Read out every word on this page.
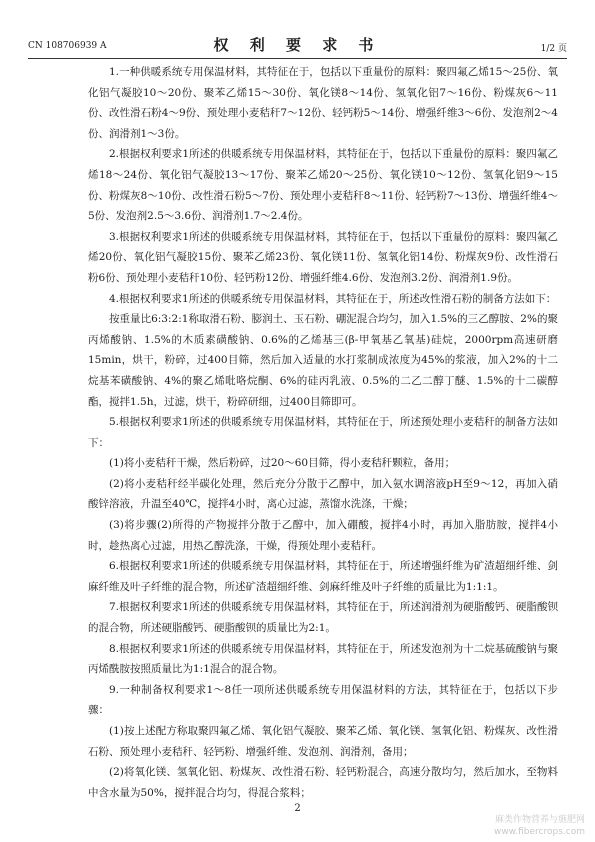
CN 108706939 A	权 利 要 求 书	1/2 页

1.一种供暖系统专用保温材料，其特征在于，包括以下重量份的原料：聚四氟乙烯15～25份、氧化铝气凝胶10～20份、聚苯乙烯15～30份、氧化镁8～14份、氢氧化铝7～16份、粉煤灰6～11份、改性滑石粉4～9份、预处理小麦秸秆7～12份、轻钙粉5～14份、增强纤维3～6份、发泡剂2～4份、润滑剂1～3份。

2.根据权利要求1所述的供暖系统专用保温材料，其特征在于，包括以下重量份的原料：聚四氟乙烯18～24份、氧化铝气凝胶13～17份、聚苯乙烯20～25份、氧化镁10～12份、氢氧化铝9～15份、粉煤灰8～10份、改性滑石粉5～7份、预处理小麦秸秆8～11份、轻钙粉7～13份、增强纤维4～5份、发泡剂2.5～3.6份、润滑剂1.7～2.4份。

3.根据权利要求1所述的供暖系统专用保温材料，其特征在于，包括以下重量份的原料：聚四氟乙烯20份、氧化铝气凝胶15份、聚苯乙烯23份、氧化镁11份、氢氧化铝14份、粉煤灰9份、改性滑石粉6份、预处理小麦秸秆10份、轻钙粉12份、增强纤维4.6份、发泡剂3.2份、润滑剂1.9份。

4.根据权利要求1所述的供暖系统专用保温材料，其特征在于，所述改性滑石粉的制备方法如下：

按重量比6:3:2:1称取滑石粉、膨润土、玉石粉、硼泥混合均匀，加入1.5%的三乙醇胺、2%的聚丙烯酸钠、1.5%的木质素磺酸钠、0.6%的乙烯基三(β-甲氧基乙氧基)硅烷，2000rpm高速研磨15min，烘干，粉碎，过400目筛，然后加入适量的水打浆制成浓度为45%的浆液，加入2%的十二烷基苯磺酸钠、4%的聚乙烯吡咯烷酮、6%的硅丙乳液、0.5%的二乙二醇丁醚、1.5%的十二碳醇酯，搅拌1.5h，过滤，烘干，粉碎研细，过400目筛即可。

5.根据权利要求1所述的供暖系统专用保温材料，其特征在于，所述预处理小麦秸秆的制备方法如下：

(1)将小麦秸秆干燥，然后粉碎，过20～60目筛，得小麦秸秆颗粒，备用；

(2)将小麦秸秆经半碳化处理，然后充分分散于乙醇中，加入氨水调溶液pH至9～12，再加入硝酸锌溶液，升温至40℃，搅拌4小时，离心过滤，蒸馏水洗涤，干燥；

(3)将步骤(2)所得的产物搅拌分散于乙醇中，加入硼酸，搅拌4小时，再加入脂肪胺，搅拌4小时，趁热离心过滤，用热乙醇洗涤，干燥，得预处理小麦秸秆。

6.根据权利要求1所述的供暖系统专用保温材料，其特征在于，所述增强纤维为矿渣超细纤维、剑麻纤维及叶子纤维的混合物，所述矿渣超细纤维、剑麻纤维及叶子纤维的质量比为1:1:1。

7.根据权利要求1所述的供暖系统专用保温材料，其特征在于，所述润滑剂为硬脂酸钙、硬脂酸钡的混合物，所述硬脂酸钙、硬脂酸钡的质量比为2:1。

8.根据权利要求1所述的供暖系统专用保温材料，其特征在于，所述发泡剂为十二烷基硫酸钠与聚丙烯酰胺按照质量比为1:1混合的混合物。

9.一种制备权利要求1～8任一项所述供暖系统专用保温材料的方法，其特征在于，包括以下步骤：

(1)按上述配方称取聚四氟乙烯、氧化铝气凝胶、聚苯乙烯、氧化镁、氢氧化铝、粉煤灰、改性滑石粉、预处理小麦秸秆、轻钙粉、增强纤维、发泡剂、润滑剂，备用；

(2)将氧化镁、氢氧化铝、粉煤灰、改性滑石粉、轻钙粉混合，高速分散均匀，然后加水，至物料中含水量为50%，搅拌混合均匀，得混合浆料；

2
麻类作物营养与施肥网
www.fibercrops.com
